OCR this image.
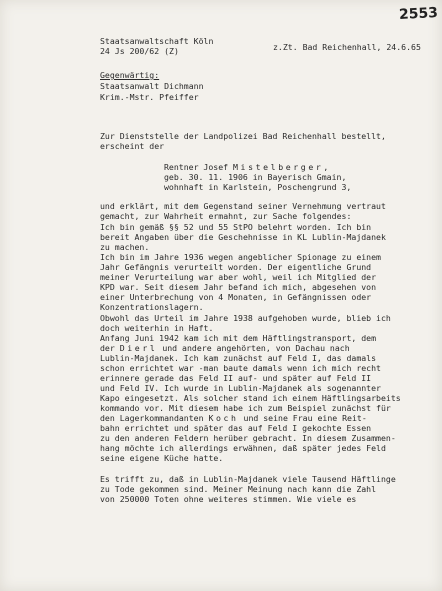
2553
Staatsanwaltschaft Köln
24 Js 200/62 (Z)	z.Zt. Bad Reichenhall, 24.6.65
Gegenwärtig:
Staatsanwalt Dichmann
Krim.-Mstr. Pfeiffer
Zur Dienststelle der Landpolizei Bad Reichenhall bestellt,
erscheint der
Rentner Josef Mistelberger,
geb. 30. 11. 1906 in Bayerisch Gmain,
wohnhaft in Karlstein, Poschengrund 3,
und erklärt, mit dem Gegenstand seiner Vernehmung vertraut
gemacht, zur Wahrheit ermahnt, zur Sache folgendes:
Ich bin gemäß §§ 52 und 55 StPO belehrt worden. Ich bin
bereit Angaben über die Geschehnisse in KL Lublin-Majdanek
zu machen.
Ich bin im Jahre 1936 wegen angeblicher Spionage zu einem
Jahr Gefängnis verurteilt worden. Der eigentliche Grund
meiner Verurteilung war aber wohl, weil ich Mitglied der
KPD war. Seit diesem Jahr befand ich mich, abgesehen von
einer Unterbrechung von 4 Monaten, in Gefängnissen oder
Konzentrationslagern.
Obwohl das Urteil im Jahre 1938 aufgehoben wurde, blieb ich
doch weiterhin in Haft.
Anfang Juni 1942 kam ich mit dem Häftlingstransport, dem
der Dierl und andere angehörten, von Dachau nach
Lublin-Majdanek. Ich kam zunächst auf Feld I, das damals
schon errichtet war -man baute damals wenn ich mich recht
erinnere gerade das Feld II auf- und später auf Feld II
und Feld IV. Ich wurde in Lublin-Majdanek als sogenannter
Kapo eingesetzt. Als solcher stand ich einem Häftlingsarbeits
kommando vor. Mit diesem habe ich zum Beispiel zunächst für
den Lagerkommandanten Koch und seine Frau eine Reit-
bahn errichtet und später das auf Feld I gekochte Essen
zu den anderen Feldern herüber gebracht. In diesem Zusammen-
hang möchte ich allerdings erwähnen, daß später jedes Feld
seine eigene Küche hatte.
Es trifft zu, daß in Lublin-Majdanek viele Tausend Häftlinge
zu Tode gekommen sind. Meiner Meinung nach kann die Zahl
von 250000 Toten ohne weiteres stimmen. Wie viele es
